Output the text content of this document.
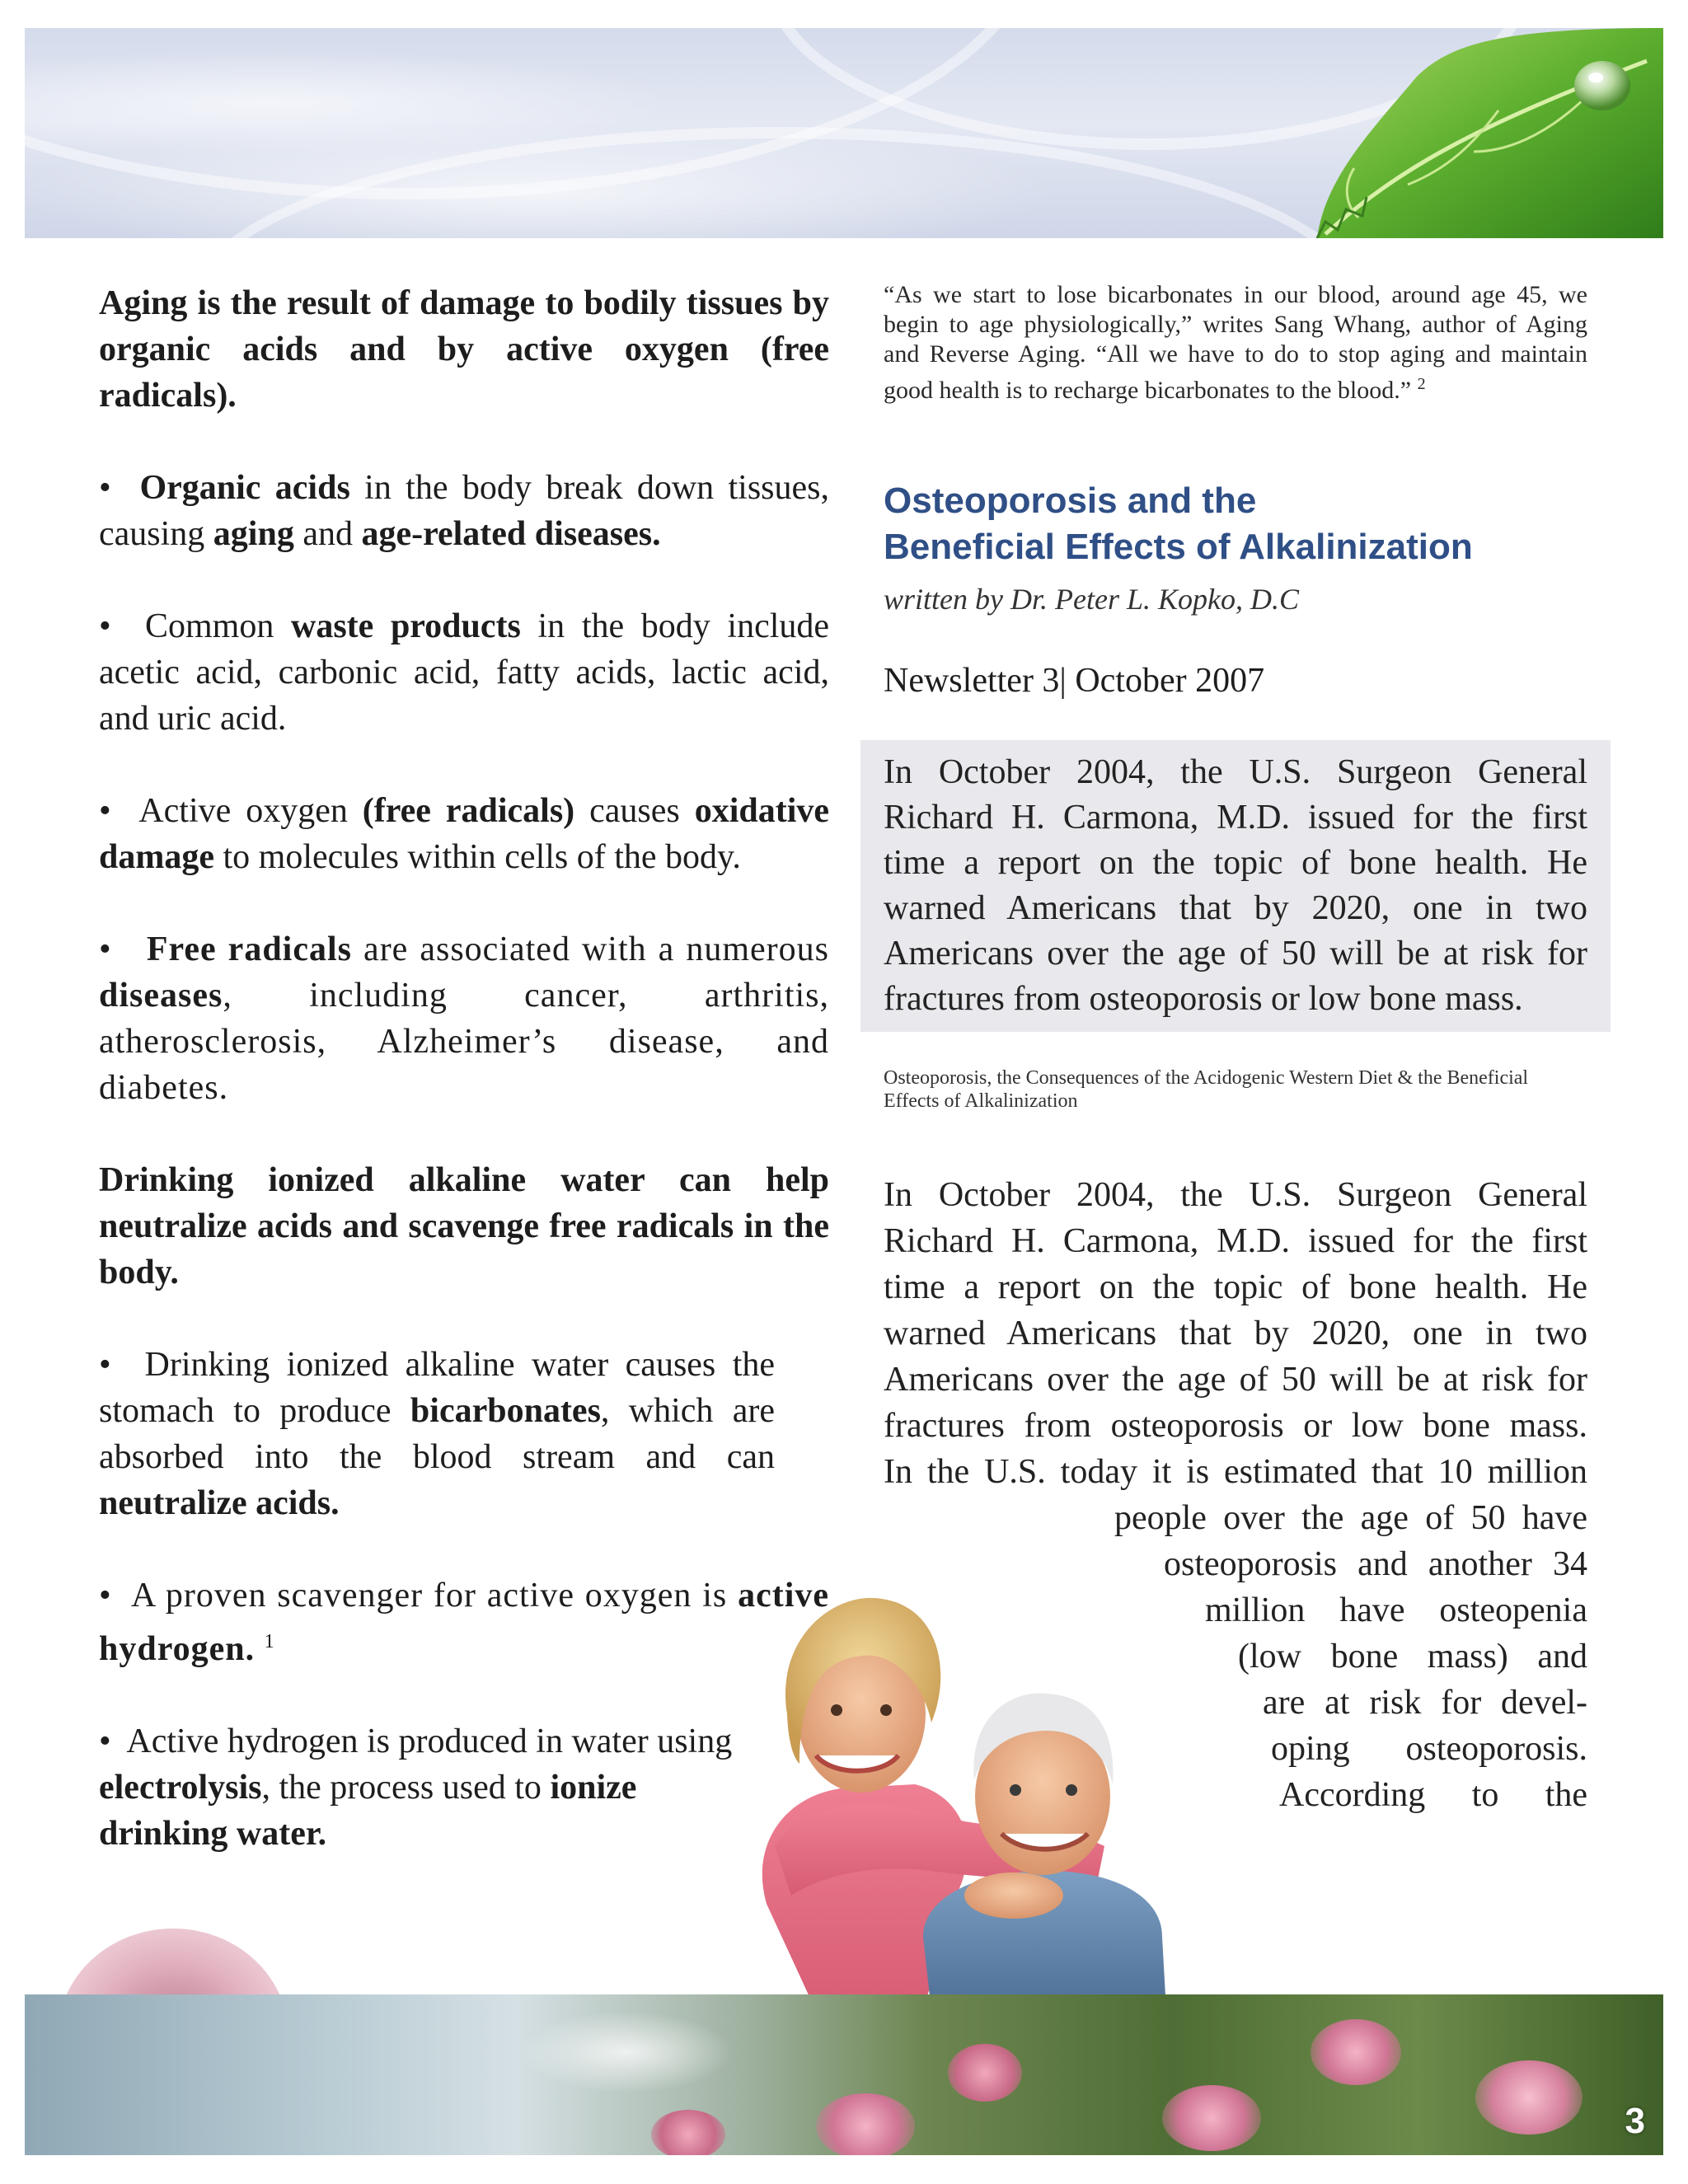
Aging is the result of damage to bodily tissues by organic acids and by active oxygen (free radicals).

• Organic acids in the body break down tissues, causing aging and age-related diseases.

• Common waste products in the body include acetic acid, carbonic acid, fatty acids, lactic acid, and uric acid.

• Active oxygen (free radicals) causes oxidative damage to molecules within cells of the body.

• Free radicals are associated with a numerous diseases, including cancer, arthritis, atherosclerosis, Alzheimer’s disease, and diabetes.

Drinking ionized alkaline water can help neutralize acids and scavenge free radicals in the body.

• Drinking ionized alkaline water causes the stomach to produce bicarbonates, which are absorbed into the blood stream and can neutralize acids.

• A proven scavenger for active oxygen is active hydrogen. $^1$

• Active hydrogen is produced in water using electrolysis, the process used to ionize drinking water.

“As we start to lose bicarbonates in our blood, around age 45, we begin to age physiologically,” writes Sang Whang, author of Aging and Reverse Aging. “All we have to do to stop aging and maintain good health is to recharge bicarbonates to the blood.” $^2$

Osteoporosis and the
Beneficial Effects of Alkalinization

written by Dr. Peter L. Kopko, D.C

Newsletter 3| October 2007

In October 2004, the U.S. Surgeon General Richard H. Carmona, M.D. issued for the first time a report on the topic of bone health. He warned Americans that by 2020, one in two Americans over the age of 50 will be at risk for fractures from osteoporosis or low bone mass.

Osteoporosis, the Consequences of the Acidogenic Western Diet & the Beneficial Effects of Alkalinization

In October 2004, the U.S. Surgeon General
Richard H. Carmona, M.D. issued for the first
time a report on the topic of bone health. He
warned Americans that by 2020, one in two
Americans over the age of 50 will be at risk for
fractures from osteoporosis or low bone mass.
In the U.S. today it is estimated that 10 million
people over the age of 50 have
osteoporosis and another 34
million have osteopenia
(low bone mass) and
are at risk for devel-
oping osteoporosis.
According to the
3
